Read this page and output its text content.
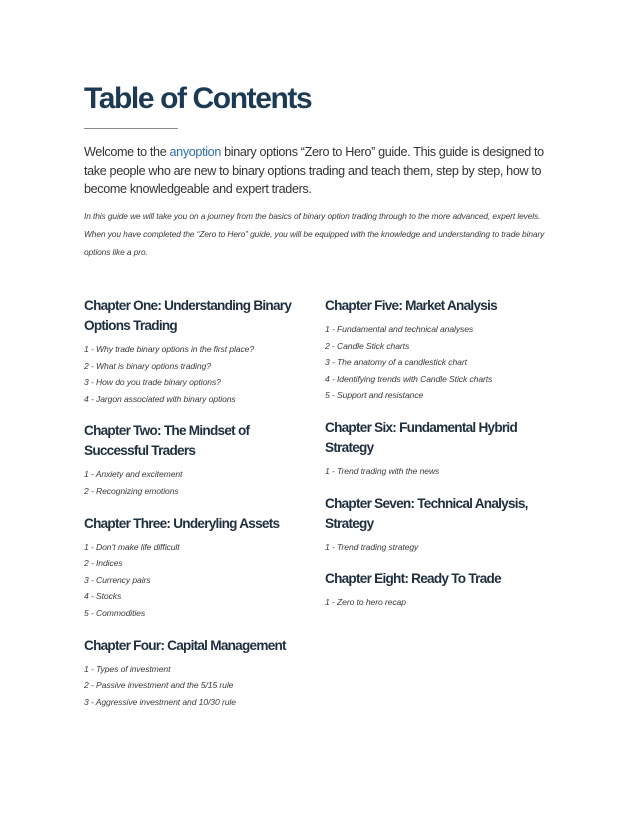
Table of Contents

Welcome to the anyoption binary options “Zero to Hero” guide. This guide is designed to take people who are new to binary options trading and teach them, step by step, how to become knowledgeable and expert traders.

In this guide we will take you on a journey from the basics of binary option trading through to the more advanced, expert levels. When you have completed the “Zero to Hero” guide, you will be equipped with the knowledge and understanding to trade binary options like a pro.

Chapter One: Understanding Binary Options Trading
1 - Why trade binary options in the first place?
2 - What is binary options trading?
3 - How do you trade binary options?
4 - Jargon associated with binary options
Chapter Two: The Mindset of Successful Traders
1 - Anxiety and excitement
2 - Recognizing emotions
Chapter Three: Underyling Assets
1 - Don’t make life difficult
2 - Indices
3 - Currency pairs
4 - Stocks
5 - Commodities
Chapter Four: Capital Management
1 - Types of investment
2 - Passive investment and the 5/15 rule
3 - Aggressive investment and 10/30 rule
Chapter Five: Market Analysis
1 - Fundamental and technical analyses
2 - Candle Stick charts
3 - The anatomy of a candlestick chart
4 - Identifying trends with Candle Stick charts
5 - Support and resistance
Chapter Six: Fundamental Hybrid Strategy
1 - Trend trading with the news
Chapter Seven: Technical Analysis, Strategy
1 - Trend trading strategy
Chapter Eight: Ready To Trade
1 - Zero to hero recap
